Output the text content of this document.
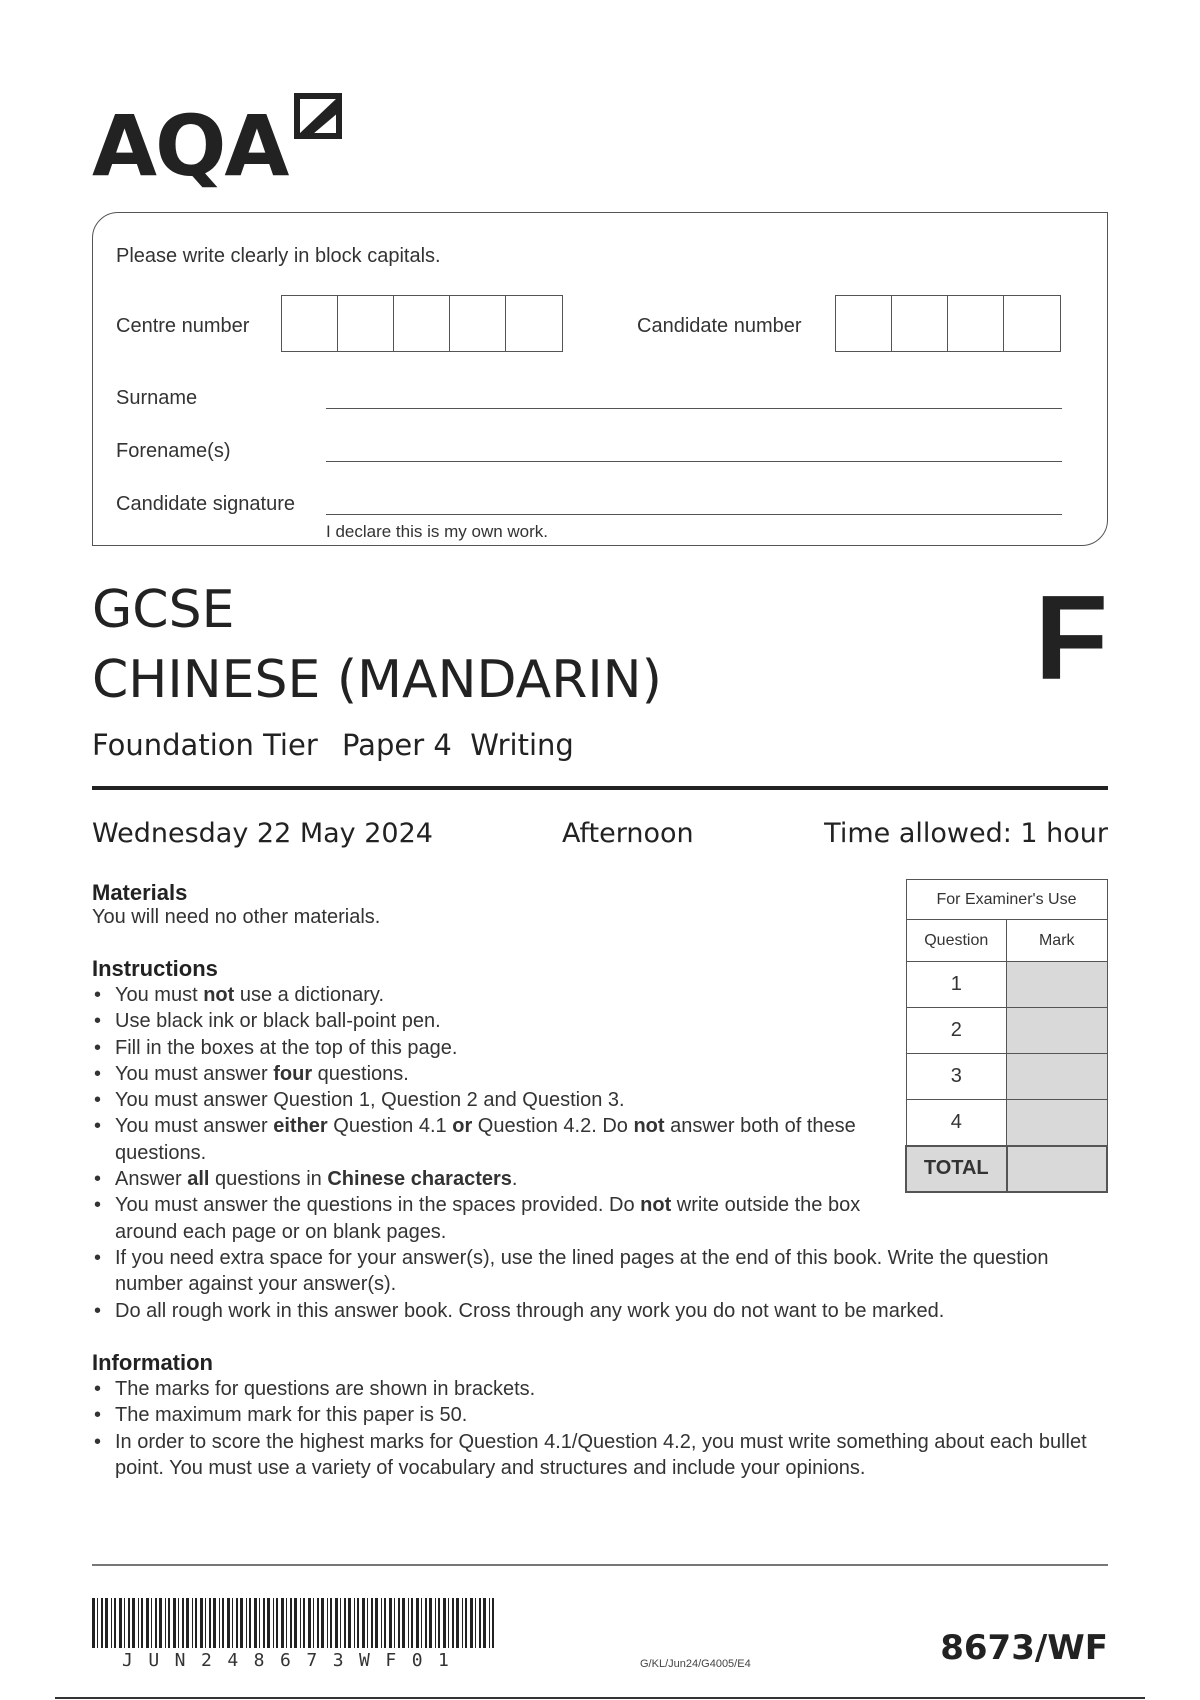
AQA
Please write clearly in block capitals.
Centre number	Candidate number
Surname
Forename(s)
Candidate signature
I declare this is my own work.
GCSE
CHINESE (MANDARIN)
Foundation Tier Paper 4  Writing
F
Wednesday 22 May 2024	Afternoon	Time allowed: 1 hour
Materials
You will need no other materials.
Instructions
• You must not use a dictionary.
• Use black ink or black ball-point pen.
• Fill in the boxes at the top of this page.
• You must answer four questions.
• You must answer Question 1, Question 2 and Question 3.
• You must answer either Question 4.1 or Question 4.2. Do not answer both of these questions.
• Answer all questions in Chinese characters.
• You must answer the questions in the spaces provided. Do not write outside the box around each page or on blank pages.
• If you need extra space for your answer(s), use the lined pages at the end of this book. Write the question number against your answer(s).
• Do all rough work in this answer book. Cross through any work you do not want to be marked.
Information
• The marks for questions are shown in brackets.
• The maximum mark for this paper is 50.
• In order to score the highest marks for Question 4.1/Question 4.2, you must write something about each bullet point. You must use a variety of vocabulary and structures and include your opinions.
For Examiner's Use	
Question	Mark
1	
2	
3	
4	
TOTAL	
JUN248673WF01	G/KL/Jun24/G4005/E4	8673/WF
